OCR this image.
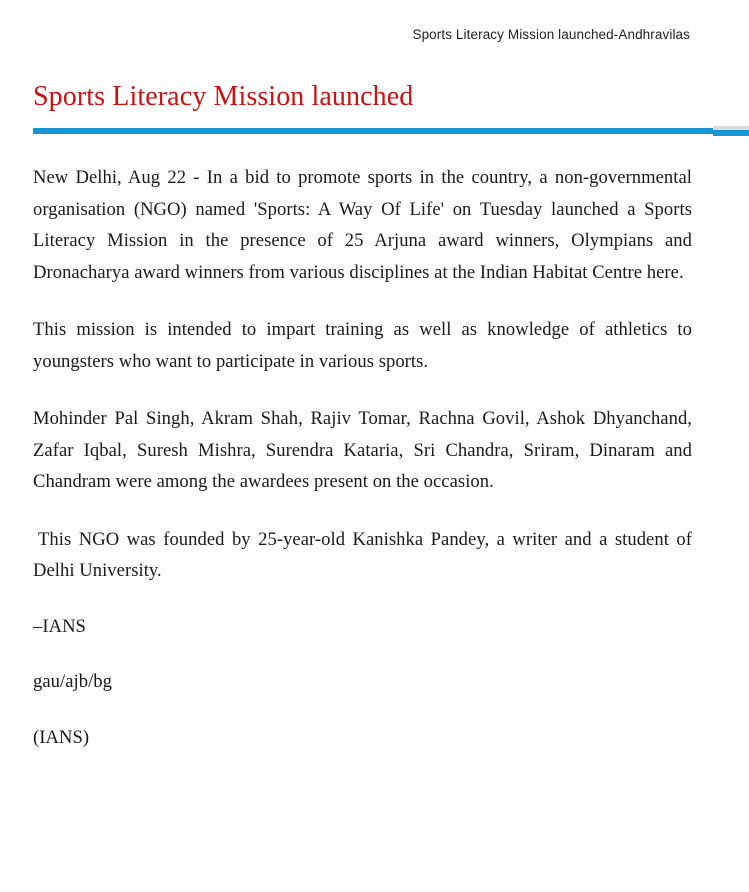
Sports Literacy Mission launched-Andhravilas
Sports Literacy Mission launched

New Delhi, Aug 22 - In a bid to promote sports in the country, a non-governmental organisation (NGO) named 'Sports: A Way Of Life' on Tuesday launched a Sports Literacy Mission in the presence of 25 Arjuna award winners, Olympians and Dronacharya award winners from various disciplines at the Indian Habitat Centre here.

This mission is intended to impart training as well as knowledge of athletics to youngsters who want to participate in various sports.

Mohinder Pal Singh, Akram Shah, Rajiv Tomar, Rachna Govil, Ashok Dhyanchand, Zafar Iqbal, Suresh Mishra, Surendra Kataria, Sri Chandra, Sriram, Dinaram and Chandram were among the awardees present on the occasion.

This NGO was founded by 25-year-old Kanishka Pandey, a writer and a student of Delhi University.

–IANS

gau/ajb/bg

(IANS)
